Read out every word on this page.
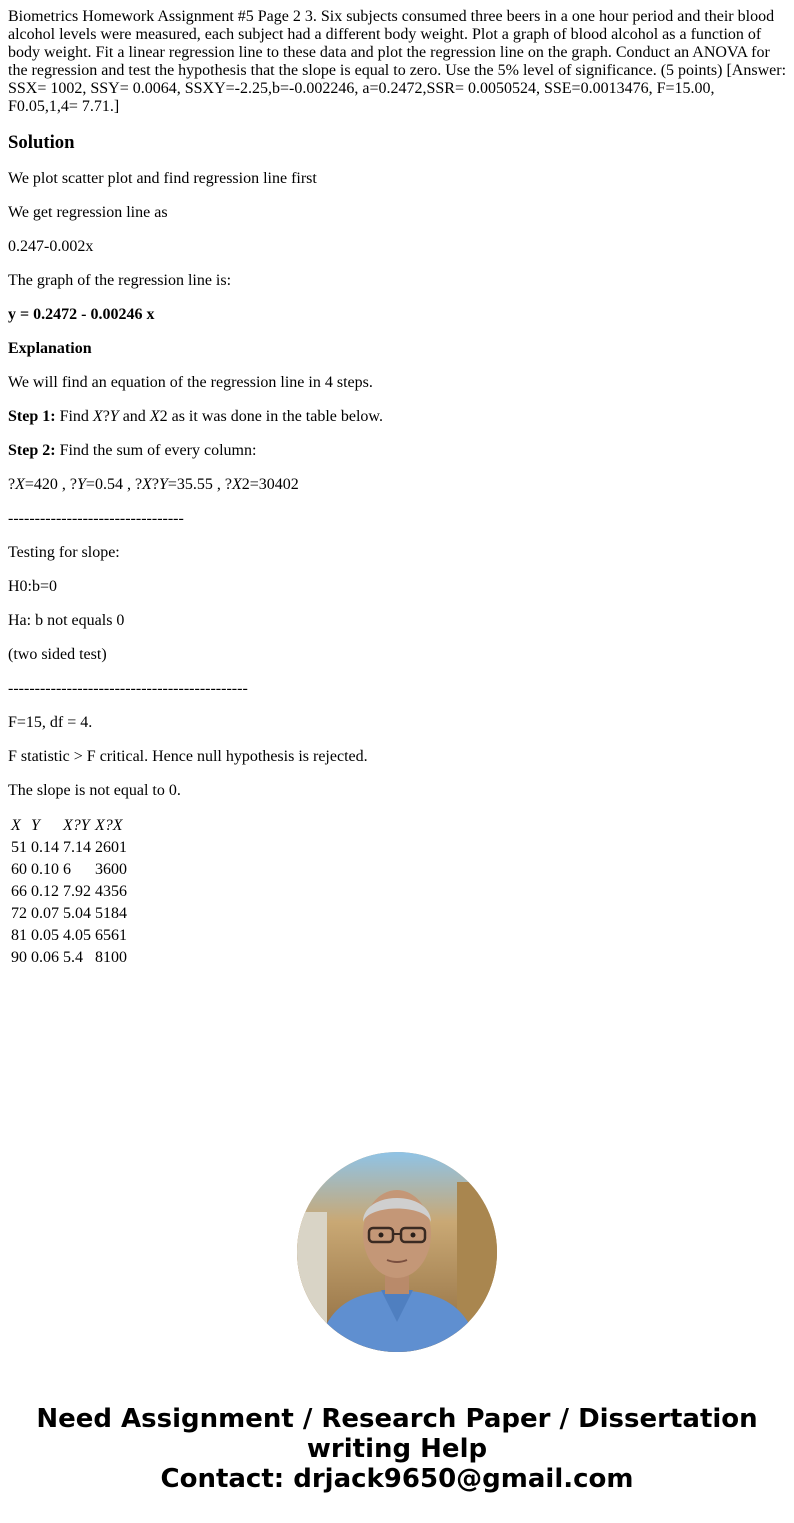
Biometrics Homework Assignment #5 Page 2 3. Six subjects consumed three beers in a one hour period and their blood alcohol levels were measured, each subject had a different body weight. Plot a graph of blood alcohol as a function of body weight. Fit a linear regression line to these data and plot the regression line on the graph. Conduct an ANOVA for the regression and test the hypothesis that the slope is equal to zero. Use the 5% level of significance. (5 points) [Answer: SSX= 1002, SSY= 0.0064, SSXY=-2.25,b=-0.002246, a=0.2472,SSR= 0.0050524, SSE=0.0013476, F=15.00, F0.05,1,4= 7.71.]
Solution

We plot scatter plot and find regression line first

We get regression line as

0.247-0.002x

The graph of the regression line is:

y = 0.2472 - 0.00246 x

Explanation

We will find an equation of the regression line in 4 steps.

Step 1: Find X?Y and X2 as it was done in the table below.

Step 2: Find the sum of every column:

?X=420 , ?Y=0.54 , ?X?Y=35.55 , ?X2=30402

---------------------------------

Testing for slope:

H0:b=0

Ha: b not equals 0

(two sided test)

---------------------------------------------

F=15, df = 4.

F statistic > F critical. Hence null hypothesis is rejected.

The slope is not equal to 0.

X	Y	X?Y	X?X
51	0.14	7.14	2601
60	0.10	6	3600
66	0.12	7.92	4356
72	0.07	5.04	5184
81	0.05	4.05	6561
90	0.06	5.4	8100
Need Assignment / Research Paper / Dissertation
writing Help
Contact: drjack9650@gmail.com
